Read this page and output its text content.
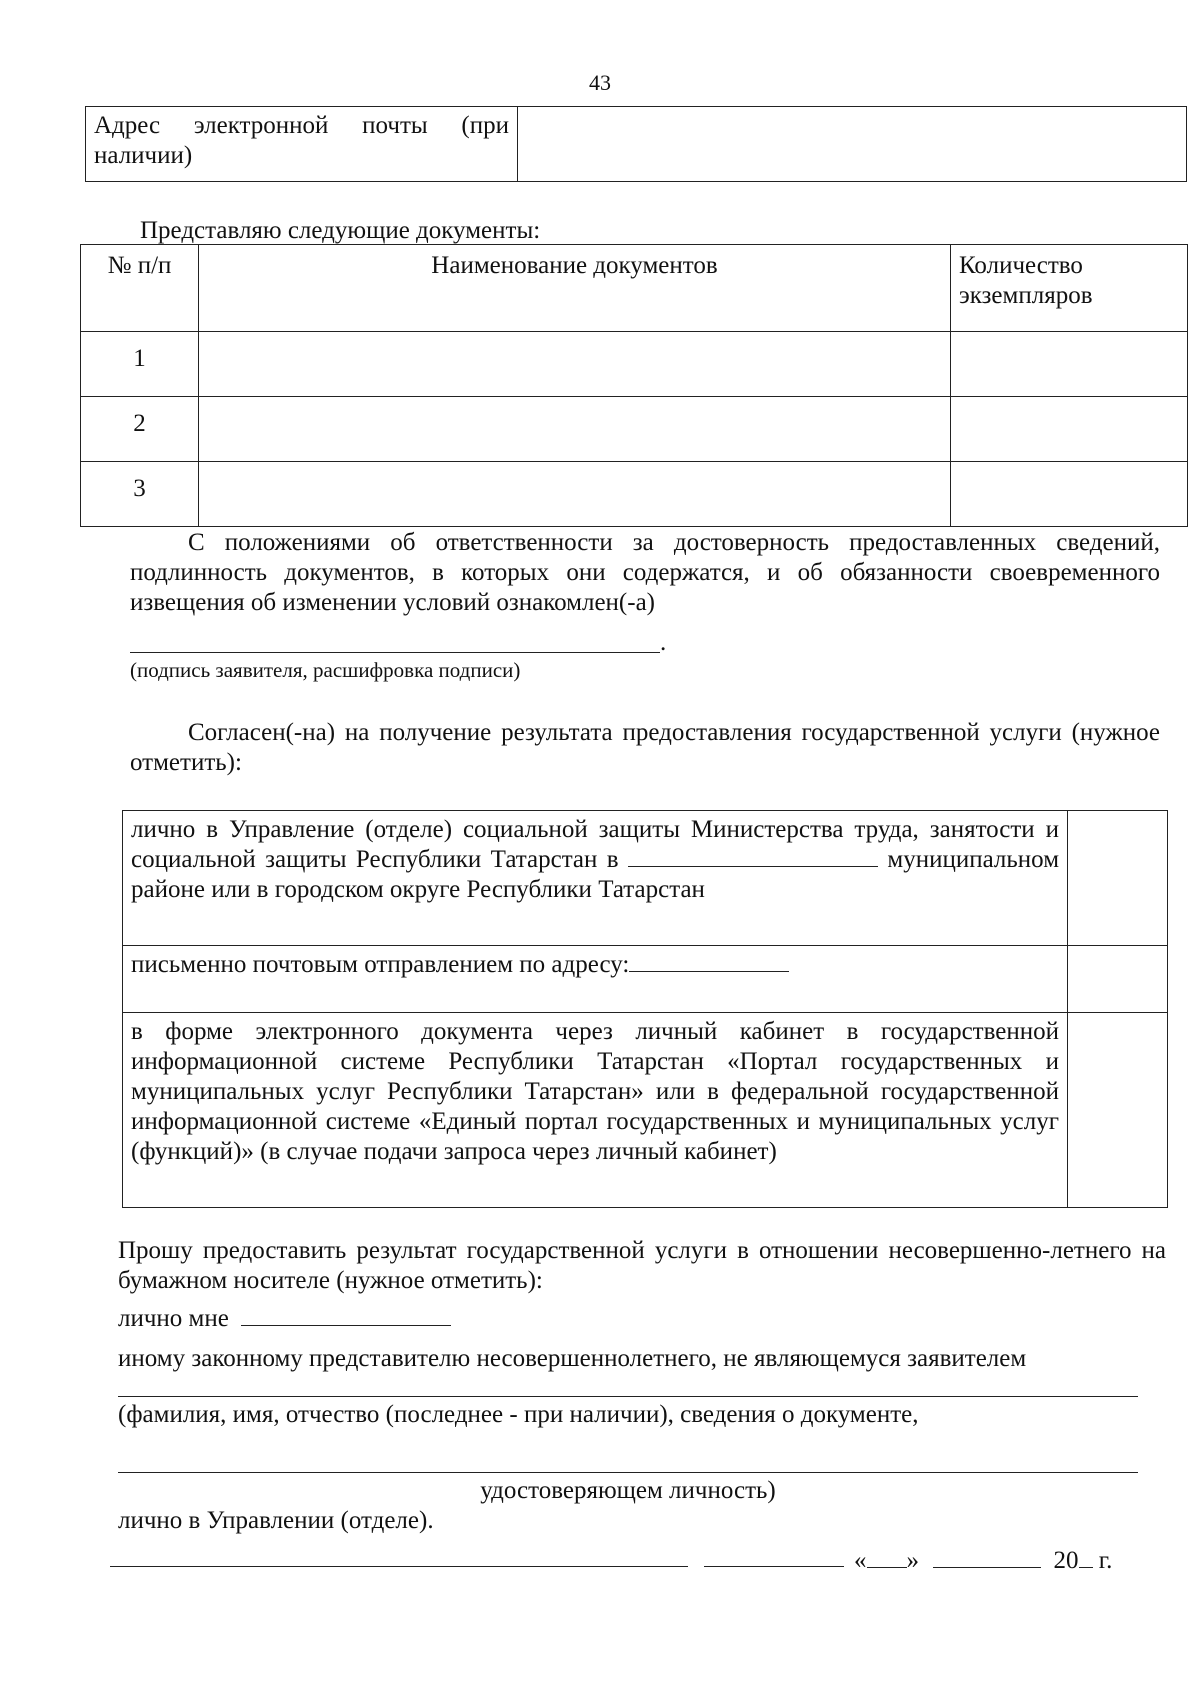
43
Адрес электронной почты (при наличии)	
Представляю следующие документы:
№ п/п	Наименование документов	Количество экземпляров
1		
2		
3		
С положениями об ответственности за достоверность предоставленных сведений, подлинность документов, в которых они содержатся, и об обязанности своевременного извещения об изменении условий ознакомлен(-а)
.
(подпись заявителя, расшифровка подписи)
Согласен(-на) на получение результата предоставления государственной услуги (нужное отметить):
лично в Управление (отделе) социальной защиты Министерства труда, занятости и социальной защиты Республики Татарстан в муниципальном районе или в городском округе Республики Татарстан	
письменно почтовым отправлением по адресу:	
в форме электронного документа через личный кабинет в государственной информационной системе Республики Татарстан «Портал государственных и муниципальных услуг Республики Татарстан» или в федеральной государственной информационной системе «Единый портал государственных и муниципальных услуг (функций)» (в случае подачи запроса через личный кабинет)	
Прошу предоставить результат государственной услуги в отношении несовершенно-летнего на бумажном носителе (нужное отметить):
лично мне
иному законному представителю несовершеннолетнего, не являющемуся заявителем
(фамилия, имя, отчество (последнее - при наличии), сведения о документе,
удостоверяющем личность)
лично в Управлении (отделе).
« »	20 г.
